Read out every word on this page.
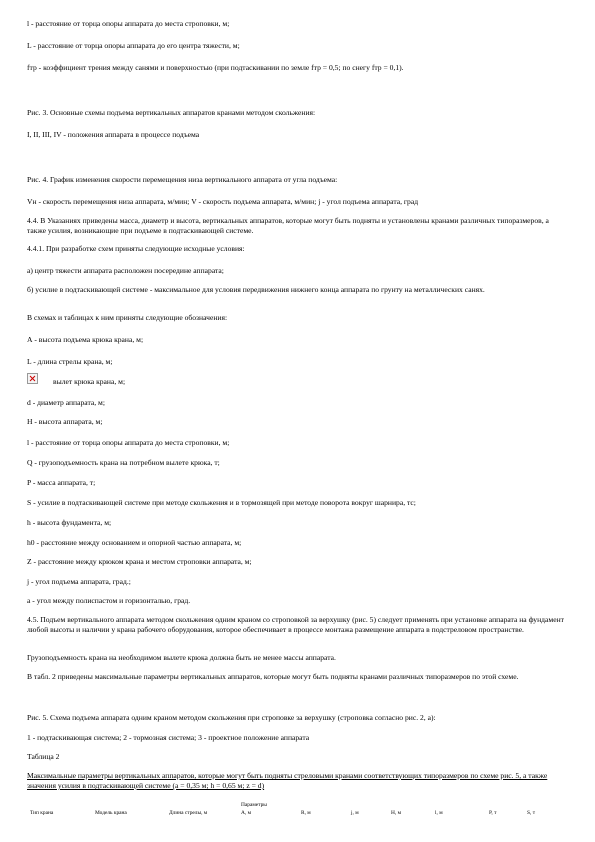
l - расстояние от торца опоры аппарата до места строповки, м;

L - расстояние от торца опоры аппарата до его центра тяжести, м;

fтр - коэффициент трения между санями и поверхностью (при подтаскивании по земле fтр = 0,5; по снегу fтр = 0,1).

Рис. 3. Основные схемы подъема вертикальных аппаратов кранами методом скольжения:

I, II, III, IV - положения аппарата в процессе подъема

Рис. 4. График изменения скорости перемещения низа вертикального аппарата от угла подъема:

Vн - скорость перемещения низа аппарата, м/мин; V - скорость подъема аппарата, м/мин; j - угол подъема аппарата, град

4.4. В Указаниях приведены масса, диаметр и высота, вертикальных аппаратов, которые могут быть подняты и установлены кранами различных типоразмеров, а также усилия, возникающие при подъеме в подтаскивающей системе.

4.4.1. При разработке схем приняты следующие исходные условия:

а) центр тяжести аппарата расположен посередине аппарата;

б) усилие в подтаскивающей системе - максимальное для условия передвижения нижнего конца аппарата по грунту на металлических санях.

В схемах и таблицах к ним приняты следующие обозначения:

А - высота подъема крюка крана, м;

L - длина стрелы крана, м;

вылет крюка крана, м;

d - диаметр аппарата, м;

H - высота аппарата, м;

l - расстояние от торца опоры аппарата до места строповки, м;

Q - грузоподъемность крана на потребном вылете крюка, т;

P - масса аппарата, т;

S - усилие в подтаскивающей системе при методе скольжения и в тормозящей при методе поворота вокруг шарнира, тс;

h - высота фундамента, м;

h0 - расстояние между основанием и опорной частью аппарата, м;

Z - расстояние между крюком крана и местом строповки аппарата, м;

j - угол подъема аппарата, град.;

a - угол между полиспастом и горизонталью, град.

4.5. Подъем вертикального аппарата методом скольжения одним краном со строповкой за верхушку (рис. 5) следует применять при установке аппарата на фундамент любой высоты и наличии у крана рабочего оборудования, которое обеспечивает в процессе монтажа размещение аппарата в подстреловом пространстве.

Грузоподъемность крана на необходимом вылете крюка должна быть не менее массы аппарата.

В табл. 2 приведены максимальные параметры вертикальных аппаратов, которые могут быть подняты кранами различных типоразмеров по этой схеме.

Рис. 5. Схема подъема аппарата одним краном методом скольжения при строповке за верхушку (строповка согласно рис. 2, а):

1 - подтаскивающая система; 2 - тормозная система; 3 - проектное положение аппарата

Таблица 2

Максимальные параметры вертикальных аппаратов, которые могут быть подняты стреловыми кранами соответствующих типоразмеров по схеме рис. 5, а также значения усилия в подтаскивающей системе (a = 0,35 м; h = 0,65 м; z = d)

Тип крана	Модель крана	Длина стрелы, м
Параметры
A, м	R, м	j, м	H, м	l, м	P, т	S, т
